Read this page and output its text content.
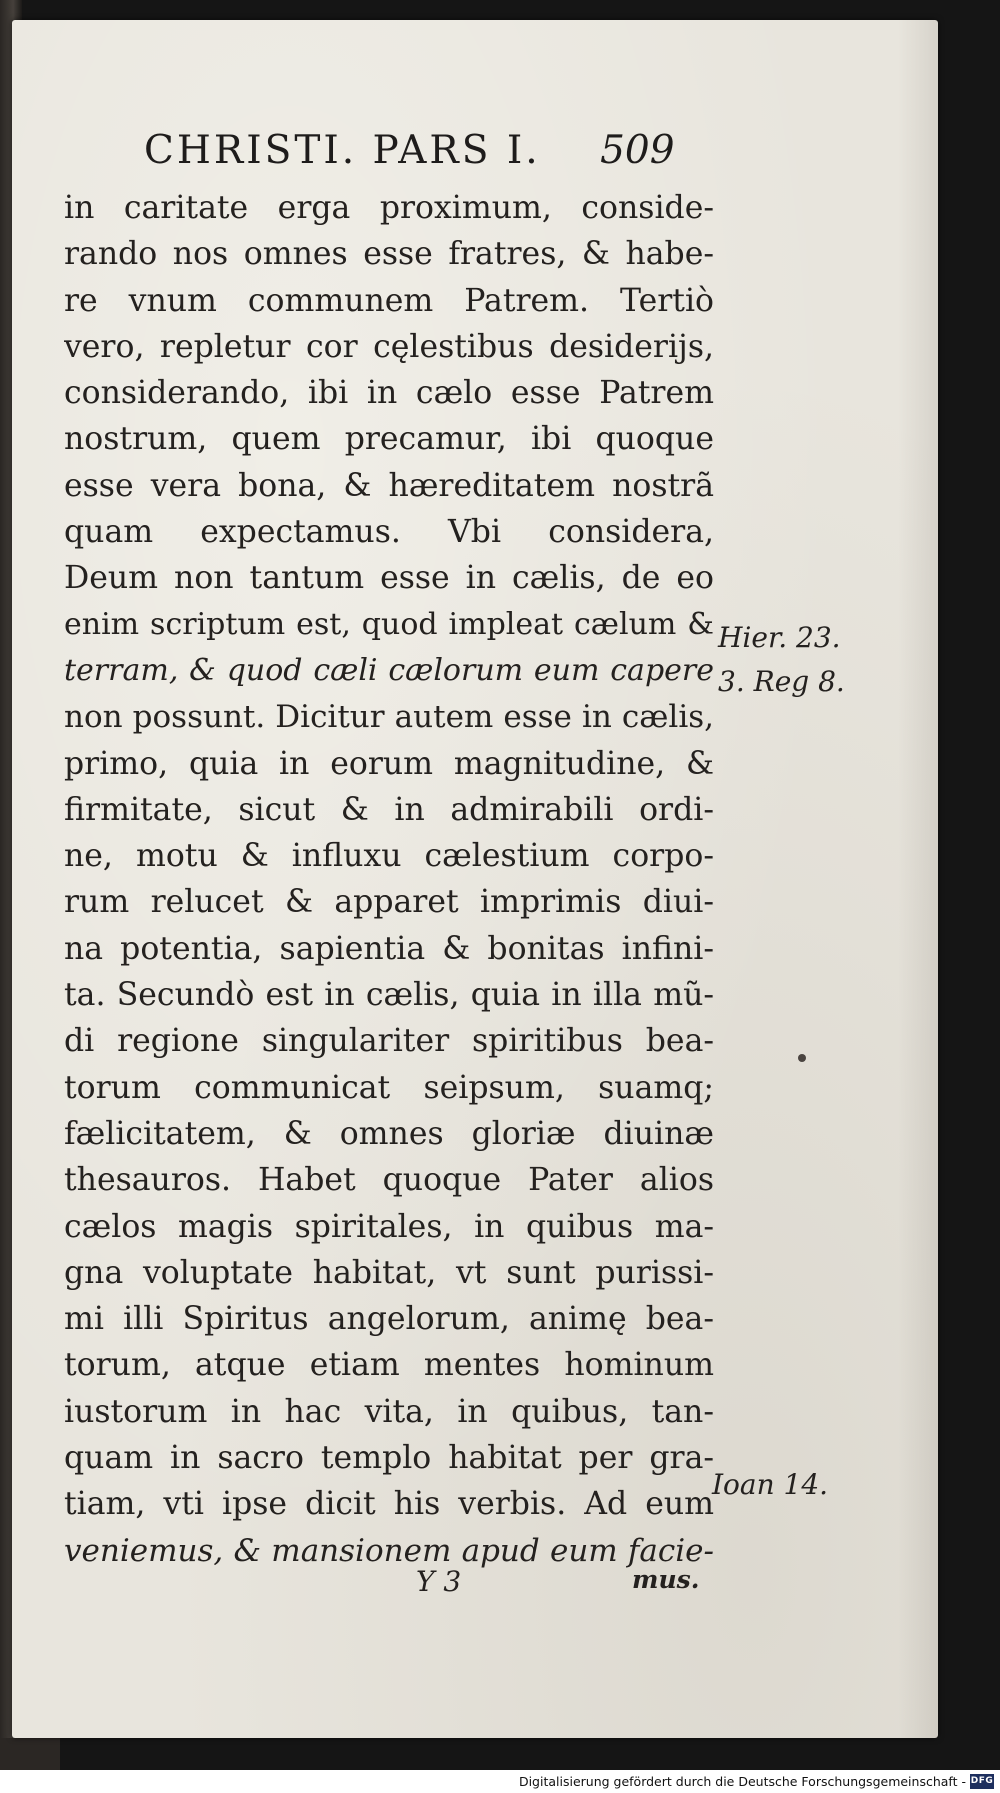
CHRISTI. PARS I. 509
in caritate erga proximum, conside-
rando nos omnes esse fratres, & habe-
re vnum communem Patrem. Tertiò
vero, repletur cor cęlestibus desiderijs,
considerando, ibi in cælo esse Patrem
nostrum, quem precamur, ibi quoque
esse vera bona, & hæreditatem nostrã
quam expectamus. Vbi considera,
Deum non tantum esse in cælis, de eo
enim scriptum est, quod impleat cælum &
terram, & quod cæli cælorum eum capere
non possunt. Dicitur autem esse in cælis,
primo, quia in eorum magnitudine, &
firmitate, sicut & in admirabili ordi-
ne, motu & influxu cælestium corpo-
rum relucet & apparet imprimis diui-
na potentia, sapientia & bonitas infini-
ta. Secundò est in cælis, quia in illa mũ-
di regione singulariter spiritibus bea-
torum communicat seipsum, suamq;
fælicitatem, & omnes gloriæ diuinæ
thesauros. Habet quoque Pater alios
cælos magis spiritales, in quibus ma-
gna voluptate habitat, vt sunt purissi-
mi illi Spiritus angelorum, animę bea-
torum, atque etiam mentes hominum
iustorum in hac vita, in quibus, tan-
quam in sacro templo habitat per gra-
tiam, vti ipse dicit his verbis. Ad eum
veniemus, & mansionem apud eum facie-
Hier. 23.
3. Reg 8.
Ioan 14.
Y 3	mus.
Digitalisierung gefördert durch die Deutsche Forschungsgemeinschaft - DFG
